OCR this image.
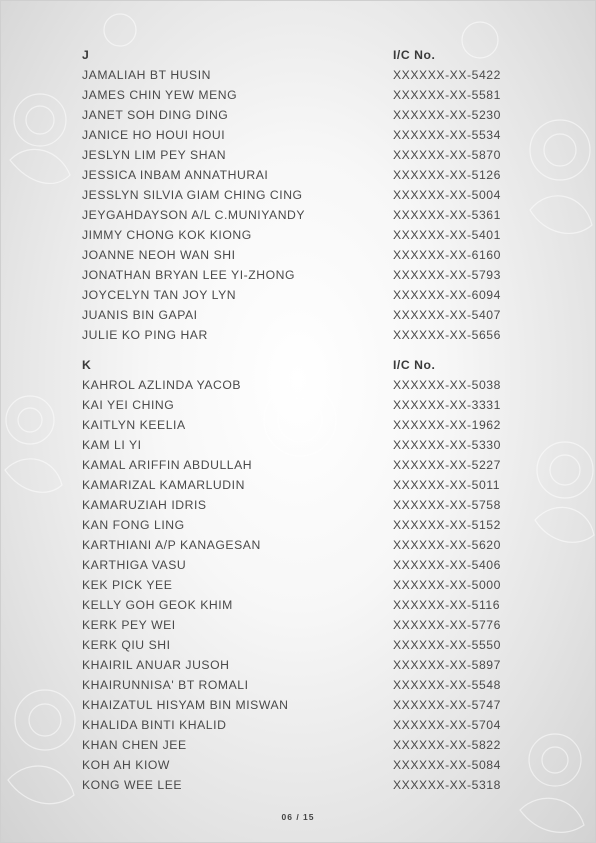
J	I/C No.
JAMALIAH BT HUSIN	XXXXXX-XX-5422
JAMES CHIN YEW MENG	XXXXXX-XX-5581
JANET SOH DING DING	XXXXXX-XX-5230
JANICE HO HOUI HOUI	XXXXXX-XX-5534
JESLYN LIM PEY SHAN	XXXXXX-XX-5870
JESSICA INBAM ANNATHURAI	XXXXXX-XX-5126
JESSLYN SILVIA GIAM CHING CING	XXXXXX-XX-5004
JEYGAHDAYSON A/L C.MUNIYANDY	XXXXXX-XX-5361
JIMMY CHONG KOK KIONG	XXXXXX-XX-5401
JOANNE NEOH WAN SHI	XXXXXX-XX-6160
JONATHAN BRYAN LEE YI-ZHONG	XXXXXX-XX-5793
JOYCELYN TAN JOY LYN	XXXXXX-XX-6094
JUANIS BIN GAPAI	XXXXXX-XX-5407
JULIE KO PING HAR	XXXXXX-XX-5656
K	I/C No.
KAHROL AZLINDA YACOB	XXXXXX-XX-5038
KAI YEI CHING	XXXXXX-XX-3331
KAITLYN KEELIA	XXXXXX-XX-1962
KAM LI YI	XXXXXX-XX-5330
KAMAL ARIFFIN ABDULLAH	XXXXXX-XX-5227
KAMARIZAL KAMARLUDIN	XXXXXX-XX-5011
KAMARUZIAH IDRIS	XXXXXX-XX-5758
KAN FONG LING	XXXXXX-XX-5152
KARTHIANI A/P KANAGESAN	XXXXXX-XX-5620
KARTHIGA VASU	XXXXXX-XX-5406
KEK PICK YEE	XXXXXX-XX-5000
KELLY GOH GEOK KHIM	XXXXXX-XX-5116
KERK PEY WEI	XXXXXX-XX-5776
KERK QIU SHI	XXXXXX-XX-5550
KHAIRIL ANUAR JUSOH	XXXXXX-XX-5897
KHAIRUNNISA' BT ROMALI	XXXXXX-XX-5548
KHAIZATUL HISYAM BIN MISWAN	XXXXXX-XX-5747
KHALIDA BINTI KHALID	XXXXXX-XX-5704
KHAN CHEN JEE	XXXXXX-XX-5822
KOH AH KIOW	XXXXXX-XX-5084
KONG WEE LEE	XXXXXX-XX-5318
06 / 15
